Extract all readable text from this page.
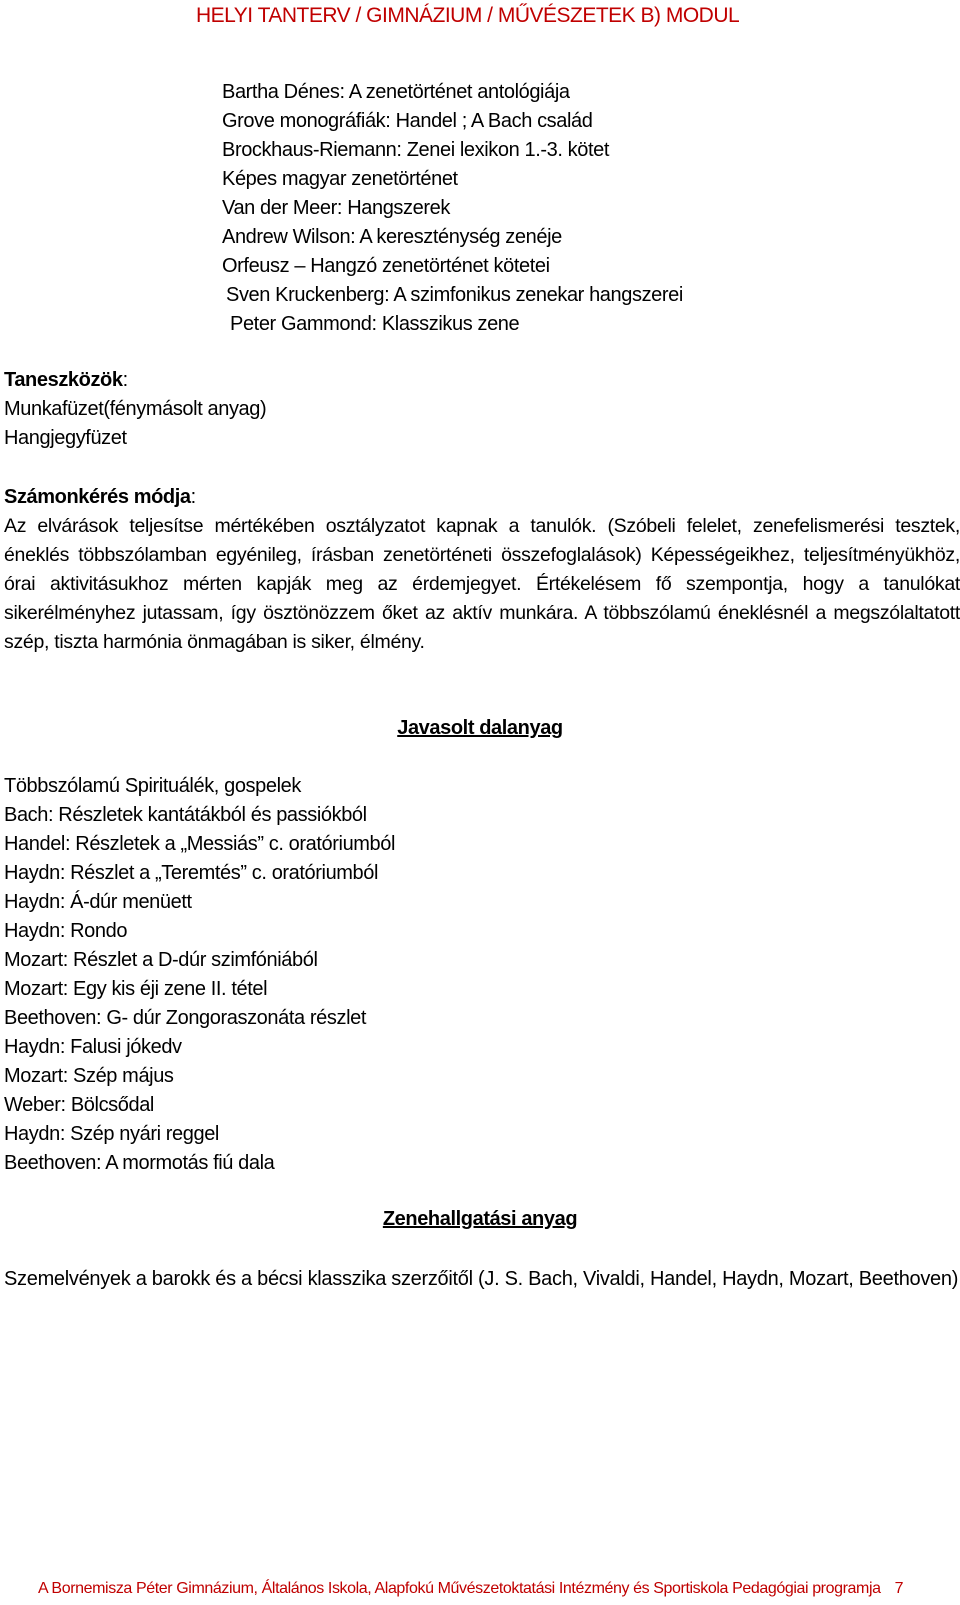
HELYI TANTERV / GIMNÁZIUM / MŰVÉSZETEK B) MODUL
Bartha Dénes: A zenetörténet antológiája
Grove monográfiák: Handel ; A Bach család
Brockhaus-Riemann: Zenei lexikon 1.-3. kötet
Képes magyar zenetörténet
Van der Meer: Hangszerek
Andrew Wilson: A kereszténység zenéje
Orfeusz – Hangzó zenetörténet kötetei
Sven Kruckenberg: A szimfonikus zenekar hangszerei
Peter Gammond: Klasszikus zene
Taneszközök:
Munkafüzet(fénymásolt anyag)
Hangjegyfüzet
Számonkérés módja:
Az elvárások teljesítse mértékében osztályzatot kapnak a tanulók. (Szóbeli felelet, zenefelismerési tesztek, éneklés többszólamban egyénileg, írásban zenetörténeti összefoglalások) Képességeikhez, teljesítményükhöz, órai aktivitásukhoz mérten kapják meg az érdemjegyet. Értékelésem fő szempontja, hogy a tanulókat sikerélményhez jutassam, így ösztönözzem őket az aktív munkára. A többszólamú éneklésnél a megszólaltatott szép, tiszta harmónia önmagában is siker, élmény.
Javasolt dalanyag
Többszólamú Spirituálék, gospelek
Bach: Részletek kantátákból és passiókból
Handel: Részletek a „Messiás” c. oratóriumból
Haydn: Részlet a „Teremtés” c. oratóriumból
Haydn: Á-dúr menüett
Haydn: Rondo
Mozart: Részlet a D-dúr szimfóniából
Mozart: Egy kis éji zene II. tétel
Beethoven: G- dúr Zongoraszonáta részlet
Haydn: Falusi jókedv
Mozart: Szép május
Weber: Bölcsődal
Haydn: Szép nyári reggel
Beethoven: A mormotás fiú dala
Zenehallgatási anyag
Szemelvények a barokk és a bécsi klasszika szerzőitől (J. S. Bach, Vivaldi, Handel, Haydn, Mozart, Beethoven)
A Bornemisza Péter Gimnázium, Általános Iskola, Alapfokú Művészetoktatási Intézmény és Sportiskola Pedagógiai programja 7
